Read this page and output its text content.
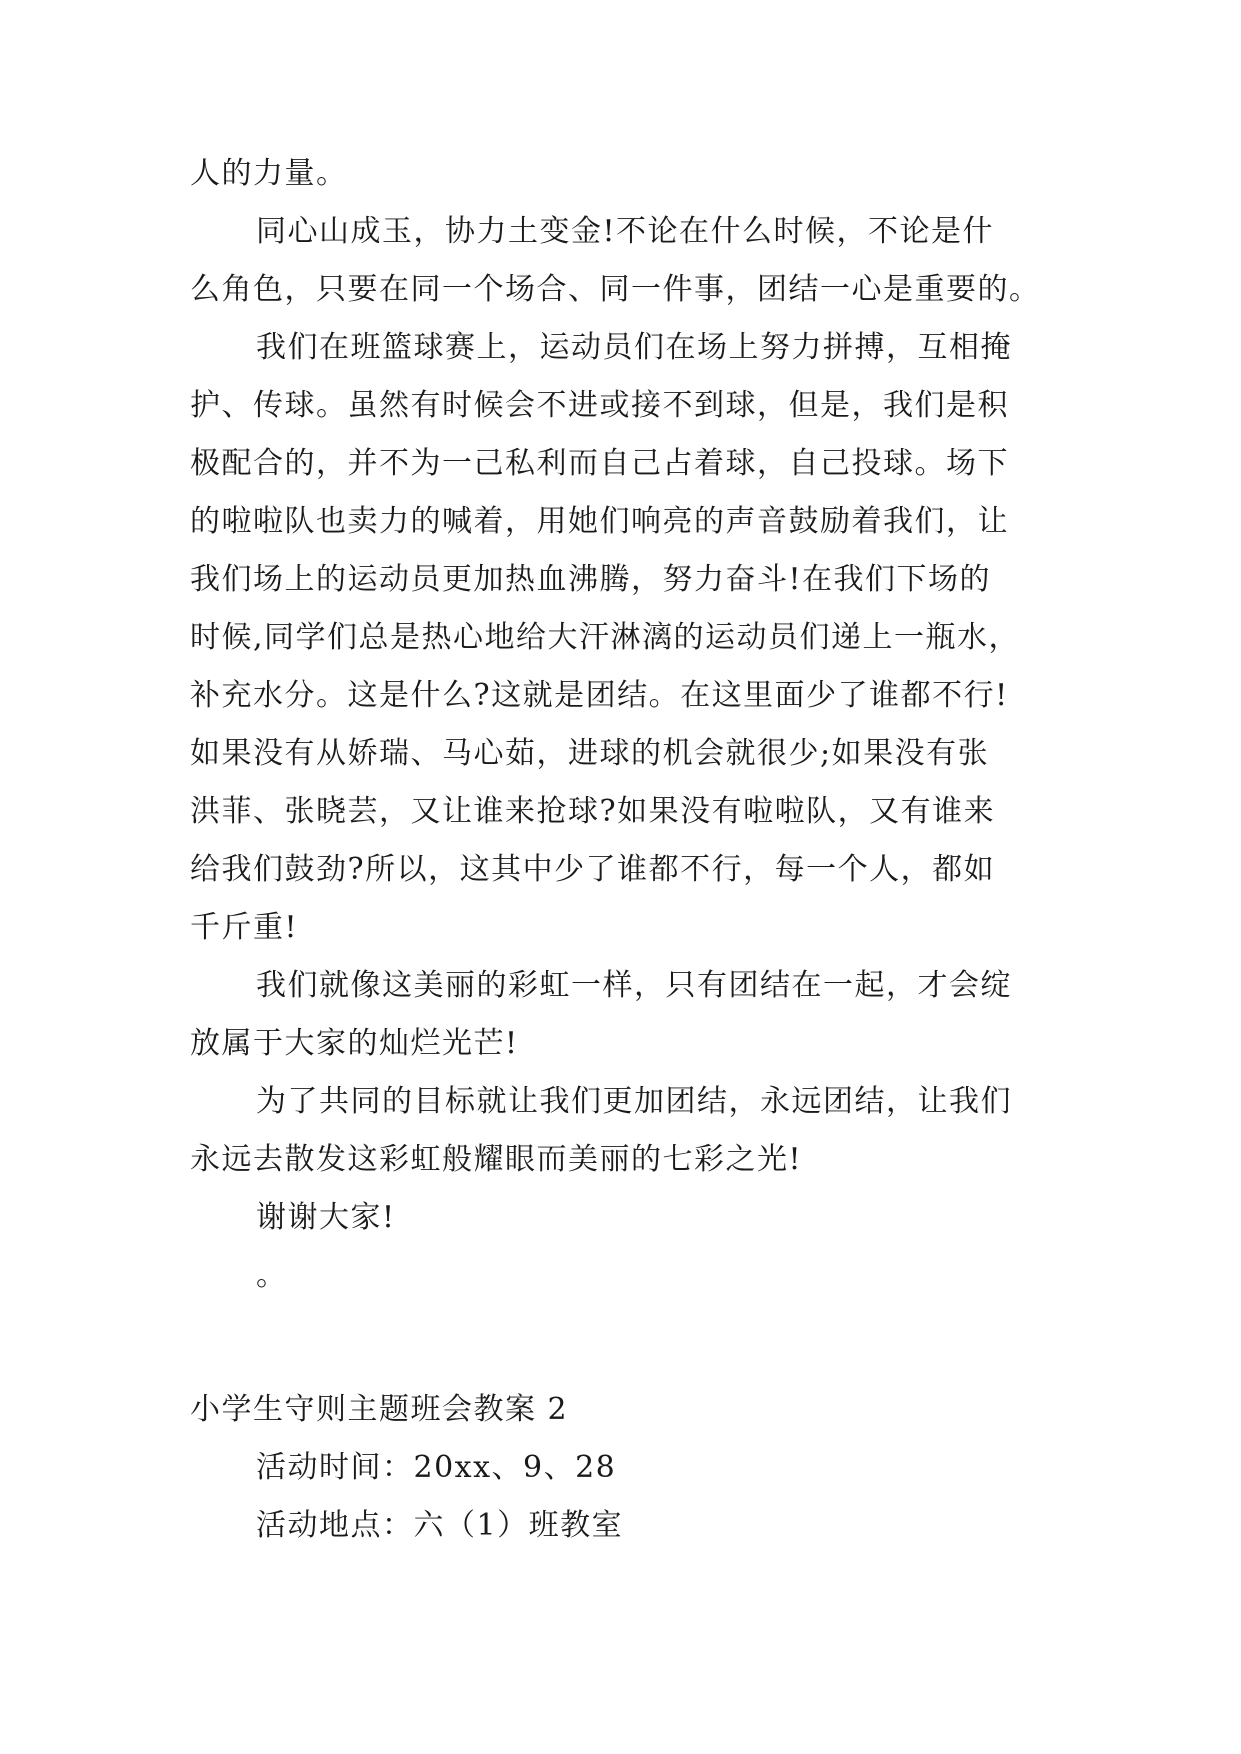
人的力量。
同心山成玉，协力土变金!不论在什么时候，不论是什
么角色，只要在同一个场合、同一件事，团结一心是重要的。
我们在班篮球赛上，运动员们在场上努力拼搏，互相掩
护、传球。虽然有时候会不进或接不到球，但是，我们是积
极配合的，并不为一己私利而自己占着球，自己投球。场下
的啦啦队也卖力的喊着，用她们响亮的声音鼓励着我们，让
我们场上的运动员更加热血沸腾，努力奋斗!在我们下场的
时候,同学们总是热心地给大汗淋漓的运动员们递上一瓶水，
补充水分。这是什么?这就是团结。在这里面少了谁都不行!
如果没有从娇瑞、马心茹，进球的机会就很少;如果没有张
洪菲、张晓芸，又让谁来抢球?如果没有啦啦队，又有谁来
给我们鼓劲?所以，这其中少了谁都不行，每一个人，都如
千斤重!
我们就像这美丽的彩虹一样，只有团结在一起，才会绽
放属于大家的灿烂光芒!
为了共同的目标就让我们更加团结，永远团结，让我们
永远去散发这彩虹般耀眼而美丽的七彩之光!
谢谢大家!
。
小学生守则主题班会教案 2
活动时间：20xx、9、28
活动地点：六（1）班教室
